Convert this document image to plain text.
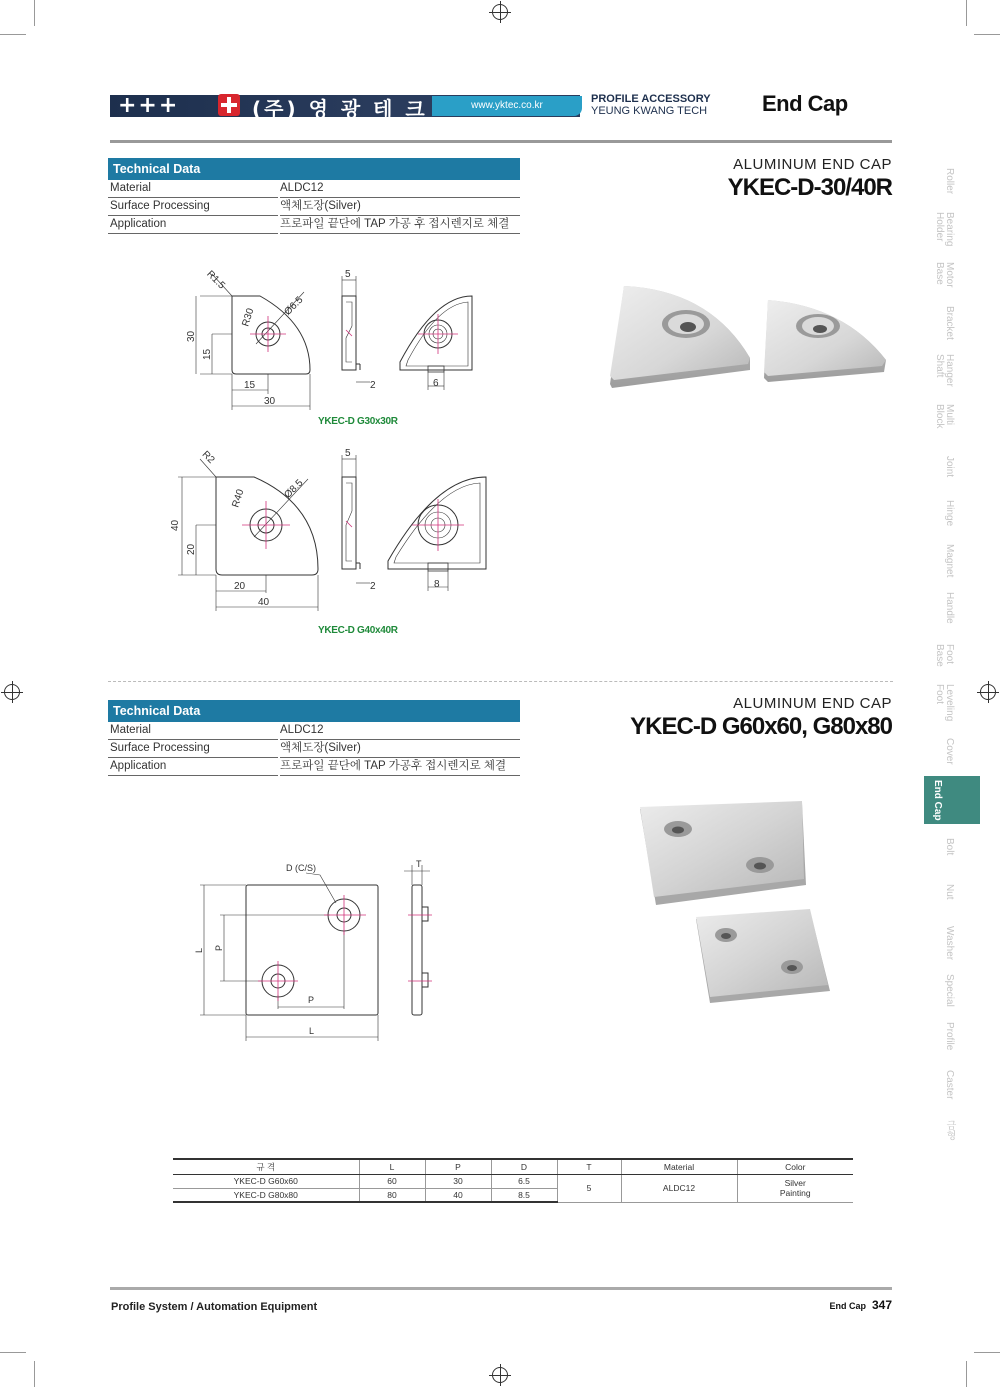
+++	(주) 영 광 테 크	www.yktec.co.kr
PROFILE ACCESSORY
YEUNG KWANG TECH End Cap
Technical Data
Material	ALDC12
Surface Processing	액체도장(Silver)
Application	프로파일 끝단에 TAP 가공 후 접시렌지로 체결
ALUMINUM END CAP
YKEC-D-30/40R
R1.5
R30	Ø6.5
30
15
15
30
5
2	6
YKEC-D G30x30R
R2
R40	Ø8.5
40
20
20
40
5
2	8
YKEC-D G40x40R
Technical Data
Material	ALDC12
Surface Processing	액체도장(Silver)
Application	프로파일 끝단에 TAP 가공후 접시렌지로 체결
ALUMINUM END CAP
YKEC-D G60x60, G80x80
D (C/S)	T
L P
P
L
Roller
Bearing Holder
Motor Base
Bracket
Hanger Shaft
Multi Block
Joint
Hinge
Magnet
Handle
Foot Base
Leveling Foot
Cover
End Cap
Bolt
Nut
Washer
Special
Profile
Caster
금형
규 격	L	P	D	T	Material	Color
YKEC-D G60x60	60	30	6.5	5	ALDC12	Silver
Painting

YKEC-D G80x80	80	40	8.5			
Profile System / Automation Equipment	End Cap 347
